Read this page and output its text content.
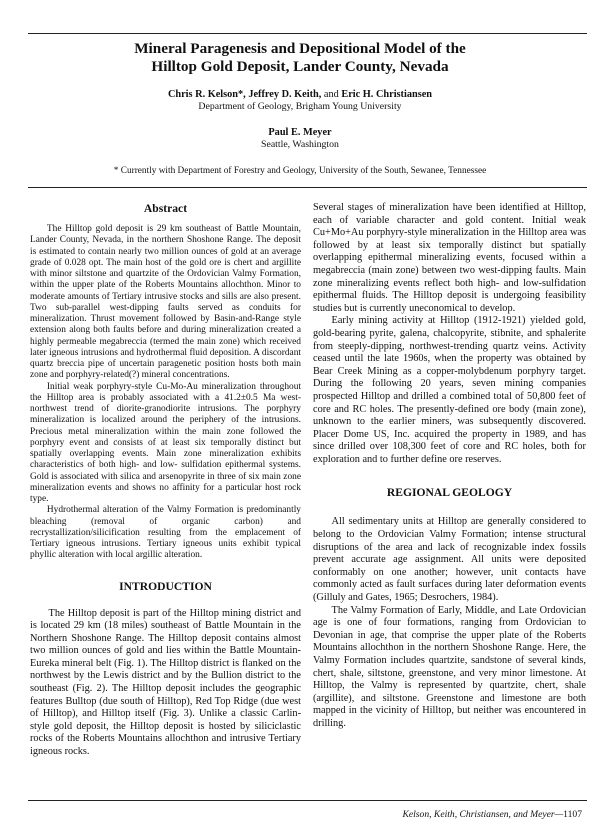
Mineral Paragenesis and Depositional Model of the
Hilltop Gold Deposit, Lander County, Nevada
Chris R. Kelson*, Jeffrey D. Keith, and Eric H. Christiansen
Department of Geology, Brigham Young University
Paul E. Meyer
Seattle, Washington
* Currently with Department of Forestry and Geology, University of the South, Sewanee, Tennessee
Abstract

The Hilltop gold deposit is 29 km southeast of Battle Mountain, Lander County, Nevada, in the northern Shoshone Range. The deposit is estimated to contain nearly two million ounces of gold at an average grade of 0.028 opt. The main host of the gold ore is chert and argillite with minor siltstone and quartzite of the Ordovician Valmy Formation, within the upper plate of the Roberts Mountains allochthon. Minor to moderate amounts of Tertiary intrusive stocks and sills are also present. Two sub-parallel west-dipping faults served as conduits for mineralization. Thrust movement followed by Basin-and-Range style extension along both faults before and during mineralization created a highly permeable megabreccia (termed the main zone) which received later igneous intrusions and hydrothermal fluid deposition. A discordant quartz breccia pipe of uncertain paragenetic position hosts both main zone and porphyry-related(?) mineral concentrations.

Initial weak porphyry-style Cu-Mo-Au mineralization throughout the Hilltop area is probably associated with a 41.2±0.5 Ma west-northwest trend of diorite-granodiorite intrusions. The porphyry mineralization is localized around the periphery of the intrusions. Precious metal mineralization within the main zone followed the porphyry event and consists of at least six temporally distinct but spatially overlapping events. Main zone mineralization exhibits characteristics of both high- and low- sulfidation epithermal systems. Gold is associated with silica and arsenopyrite in three of six main zone mineralization events and shows no affinity for a particular host rock type.

Hydrothermal alteration of the Valmy Formation is predominantly bleaching (removal of organic carbon) and recrystallization/silicification resulting from the emplacement of Tertiary igneous intrusions. Tertiary igneous units exhibit typical phyllic alteration with local argillic alteration.

INTRODUCTION

The Hilltop deposit is part of the Hilltop mining district and is located 29 km (18 miles) southeast of Battle Mountain in the Northern Shoshone Range. The Hilltop deposit contains almost two million ounces of gold and lies within the Battle Mountain-Eureka mineral belt (Fig. 1). The Hilltop district is flanked on the northwest by the Lewis district and by the Bullion district to the southeast (Fig. 2). The Hilltop deposit includes the geographic features Bulltop (due south of Hilltop), Red Top Ridge (due west of Hilltop), and Hilltop itself (Fig. 3). Unlike a classic Carlin-style gold deposit, the Hilltop deposit is hosted by siliciclastic rocks of the Roberts Mountains allochthon and intrusive Tertiary igneous rocks.

Several stages of mineralization have been identified at Hilltop, each of variable character and gold content. Initial weak Cu+Mo+Au porphyry-style mineralization in the Hilltop area was followed by at least six temporally distinct but spatially overlapping epithermal mineralizing events, focused within a megabreccia (main zone) between two west-dipping faults. Main zone mineralizing events reflect both high- and low-sulfidation epithermal fluids. The Hilltop deposit is undergoing feasibility studies but is currently uneconomical to develop.

Early mining activity at Hilltop (1912-1921) yielded gold, gold-bearing pyrite, galena, chalcopyrite, stibnite, and sphalerite from steeply-dipping, northwest-trending quartz veins. Activity ceased until the late 1960s, when the property was obtained by Bear Creek Mining as a copper-molybdenum porphyry target. During the following 20 years, seven mining companies prospected Hilltop and drilled a combined total of 50,800 feet of core and RC holes. The presently-defined ore body (main zone), unknown to the earlier miners, was subsequently discovered. Placer Dome US, Inc. acquired the property in 1989, and has since drilled over 108,300 feet of core and RC holes, both for exploration and to further define ore reserves.

REGIONAL GEOLOGY

All sedimentary units at Hilltop are generally considered to belong to the Ordovician Valmy Formation; intense structural disruptions of the area and lack of recognizable index fossils prevent accurate age assignment. All units were deposited conformably on one another; however, unit contacts have commonly acted as fault surfaces during later deformation events (Gilluly and Gates, 1965; Desrochers, 1984).

The Valmy Formation of Early, Middle, and Late Ordovician age is one of four formations, ranging from Ordovician to Devonian in age, that comprise the upper plate of the Roberts Mountains allochthon in the northern Shoshone Range. Here, the Valmy Formation includes quartzite, sandstone of several kinds, chert, shale, siltstone, greenstone, and very minor limestone. At Hilltop, the Valmy is represented by quartzite, chert, shale (argillite), and siltstone. Greenstone and limestone are both mapped in the vicinity of Hilltop, but neither was encountered in drilling.

Kelson, Keith, Christiansen, and Meyer—1107
